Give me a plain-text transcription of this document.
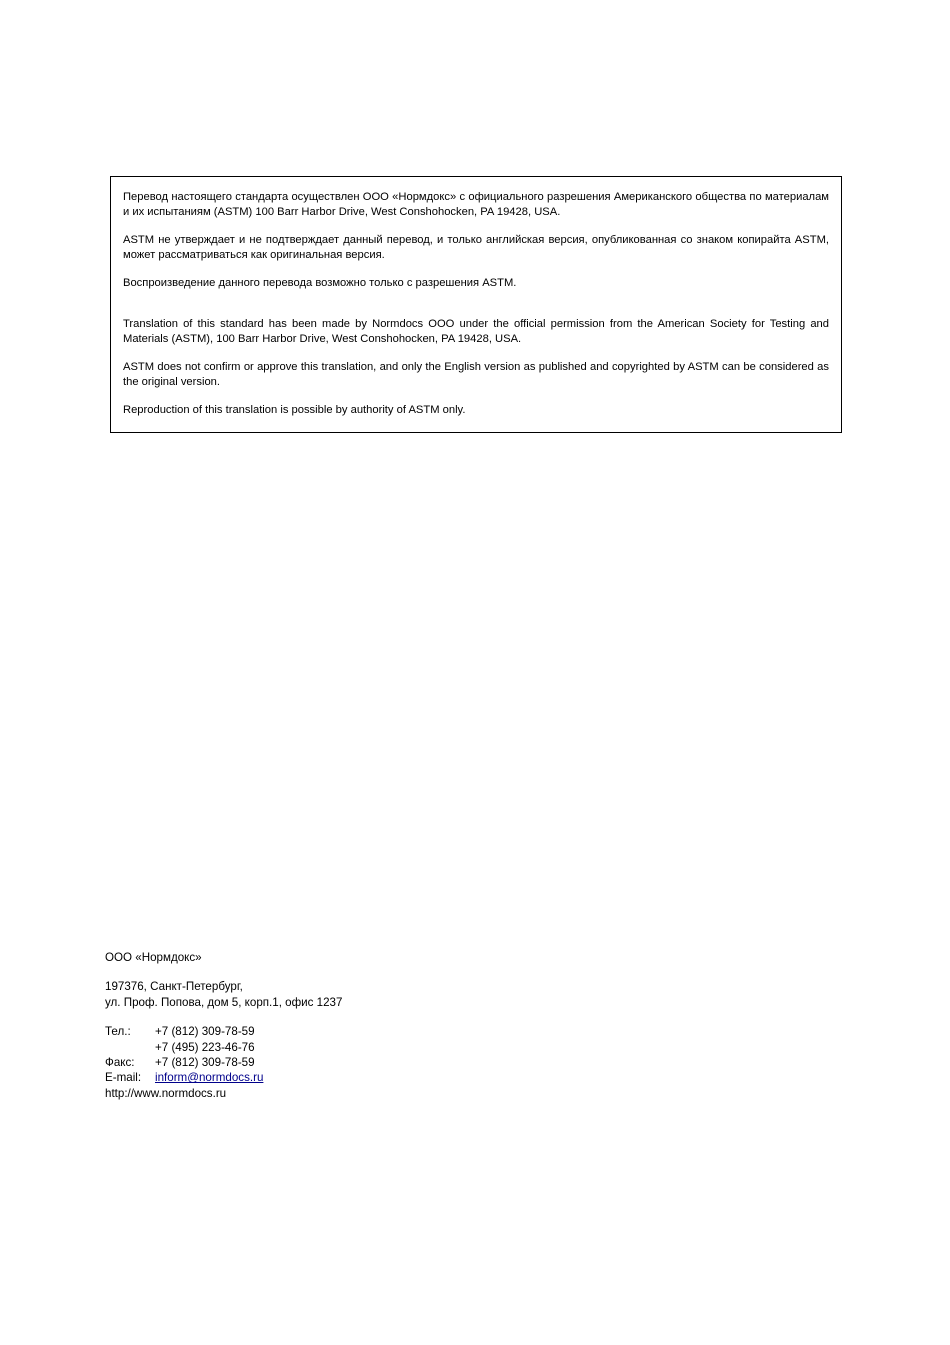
Перевод настоящего стандарта осуществлен ООО «Нормдокс» с официального разрешения Американского общества по материалам и их испытаниям (ASTM) 100 Barr Harbor Drive, West Conshohocken, PA 19428, USA.

ASTM не утверждает и не подтверждает данный перевод, и только английская версия, опубликованная со знаком копирайта ASTM, может рассматриваться как оригинальная версия.

Воспроизведение данного перевода возможно только с разрешения ASTM.

Translation of this standard has been made by Normdocs OOO under the official permission from the American Society for Testing and Materials (ASTM), 100 Barr Harbor Drive, West Conshohocken, PA 19428, USA.

ASTM does not confirm or approve this translation, and only the English version as published and copyrighted by ASTM can be considered as the original version.

Reproduction of this translation is possible by authority of ASTM only.

ООО «Нормдокс»
197376, Санкт-Петербург,
ул. Проф. Попова, дом 5, корп.1, офис 1237
Тел.:	+7 (812) 309-78-59
+7 (495) 223-46-76
Факс:	+7 (812) 309-78-59
E-mail:	inform@normdocs.ru
http://www.normdocs.ru
